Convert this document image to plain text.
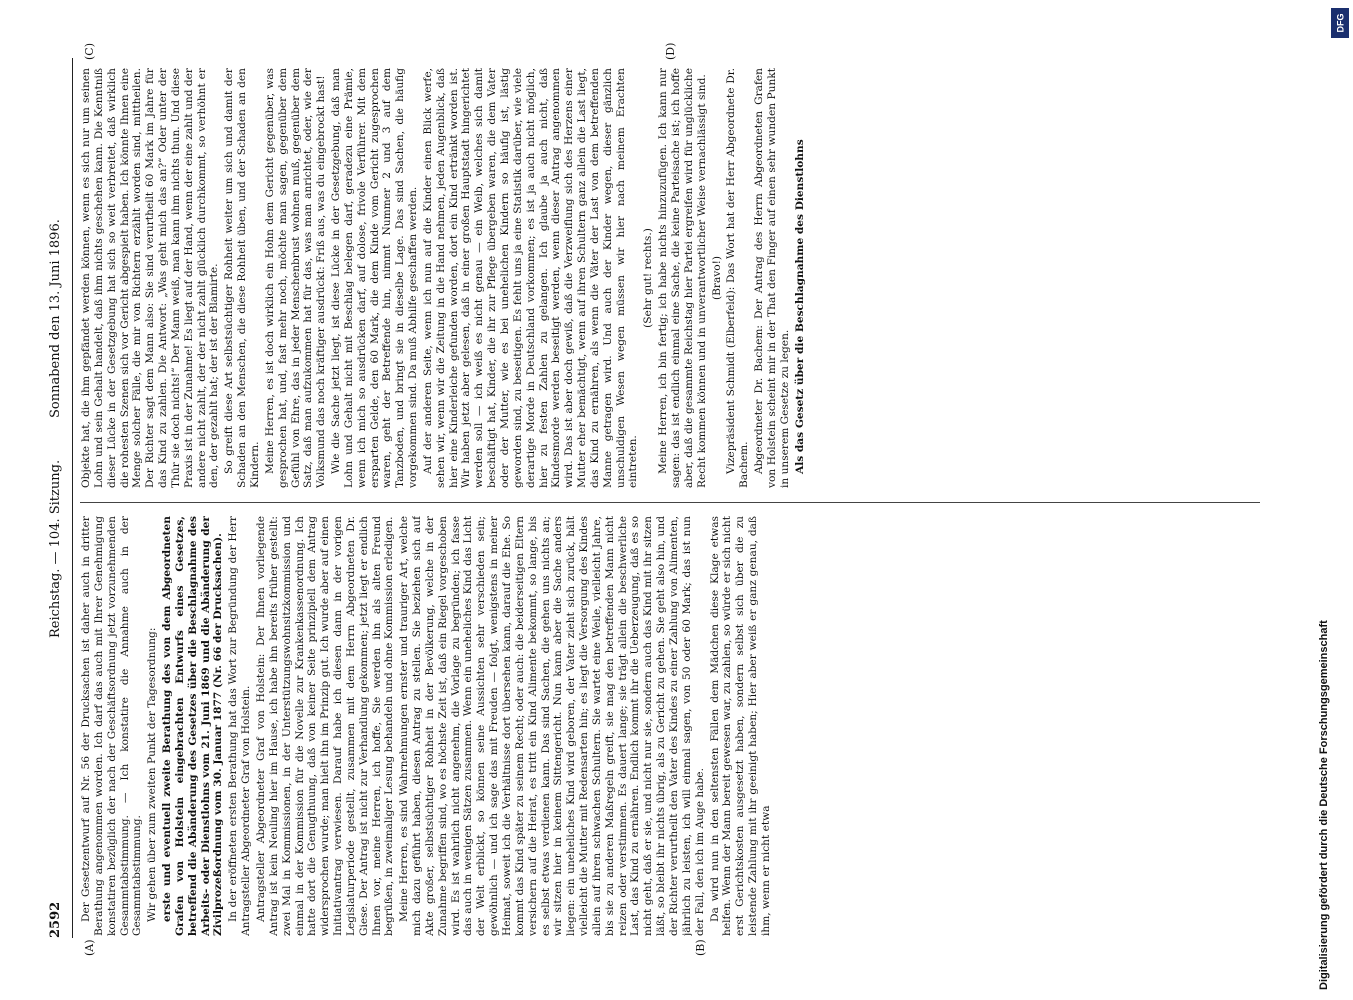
2592
Reichstag. — 104. Sitzung.
Sonnabend den 13. Juni 1896.
(A)	(B)
(C)	(D)

Der Gesetzentwurf auf Nr. 56 der Drucksachen ist daher auch in dritter Berathung angenommen worden. Ich darf das auch mit Ihrer Genehmigung konstatiren bezüglich der nach der Geschäftsordnung jetzt vorzunehmenden Gesammtabstimmung. — Ich konstatire die Annahme auch in der Gesammtabstimmung. Wir gehen über zum zweiten Punkt der Tagesordnung: erste und eventuell zweite Berathung des von dem Abgeordneten Grafen von Holstein eingebrachten Entwurfs eines Gesetzes, betreffend die Abänderung des Gesetzes über die Beschlagnahme des Arbeits- oder Dienstlohns vom 21. Juni 1869 und die Abänderung der Zivilprozeßordnung vom 30. Januar 1877 (Nr. 66 der Drucksachen). In der eröffneten ersten Berathung hat das Wort zur Begründung der Herr Antragsteller Abgeordneter Graf von Holstein. Antragsteller Abgeordneter Graf von Holstein: Der Ihnen vorliegende Antrag ist kein Neuling hier im Hause, ich habe ihn bereits früher gestellt: zwei Mal in Kommissionen, in der Unterstützungswohnsitzkommission und einmal in der Kommission für die Novelle zur Krankenkassenordnung. Ich hatte dort die Genugthuung, daß von keiner Seite prinzipiell dem Antrag widersprochen wurde; man hielt ihn im Prinzip gut. Ich wurde aber auf einen Initiativantrag verwiesen. Darauf habe ich diesen dann in der vorigen Legislaturperiode gestellt, zusammen mit dem Herrn Abgeordneten Dr. Giese. Der Antrag ist nicht zur Verhandlung gekommen; jetzt liegt er endlich Ihnen vor, meine Herren, ich hoffe, Sie werden ihn als alten Freund begrüßen, in zweimaliger Lesung behandeln und ohne Kommission erledigen. Meine Herren, es sind Wahrnehmungen ernster und trauriger Art, welche mich dazu geführt haben, diesen Antrag zu stellen. Sie beziehen sich auf Akte großer, selbstsüchtiger Rohheit in der Bevölkerung, welche in der Zunahme begriffen sind, wo es höchste Zeit ist, daß ein Riegel vorgeschoben wird. Es ist wahrlich nicht angenehm, die Vorlage zu begründen; ich fasse das auch in wenigen Sätzen zusammen. Wenn ein uneheliches Kind das Licht der Welt erblickt, so können seine Aussichten sehr verschieden sein; gewöhnlich — und ich sage das mit Freuden — folgt, wenigstens in meiner Heimat, soweit ich die Verhältnisse dort übersehen kann, darauf die Ehe. So kommt das Kind später zu seinem Recht; oder auch: die beiderseitigen Eltern versichern auf die Heirat, es tritt ein Kind Alimente bekommt, so lange, bis es selbst etwas verdienen kann. Das sind Sachen, die gehen uns nichts an; wir sitzen hier in keinem Sittengericht. Nun kann aber die Sache anders liegen: ein uneheliches Kind wird geboren, der Vater zieht sich zurück, hält vielleicht die Mutter mit Redensarten hin; es liegt die Versorgung des Kindes allein auf ihren schwachen Schultern. Sie wartet eine Weile, vielleicht Jahre, bis sie zu anderen Maßregeln greift, sie mag den betreffenden Mann nicht reizen oder verstimmen. Es dauert lange; sie trägt allein die beschwerliche Last, das Kind zu ernähren. Endlich kommt ihr die Ueberzeugung, daß es so nicht geht, daß er sie, und nicht nur sie, sondern auch das Kind mit ihr sitzen läßt, so bleibt ihr nichts übrig, als zu Gericht zu gehen. Sie geht also hin, und der Richter verurtheilt den Vater des Kindes zu einer Zahlung von Alimenten, jährlich zu leisten, ich will einmal sagen, von 50 oder 60 Mark; das ist nun der Fall, den ich im Auge habe. Da wird nun in den seltensten Fällen dem Mädchen diese Klage etwas helfen. Wenn der Mann bereit gewesen war, zu zahlen, so würde er sich nicht erst Gerichtskosten ausgesetzt haben, sondern selbst sich über die zu leistende Zahlung mit ihr geeinigt haben; Hier aber weiß er ganz genau, daß ihm, wenn er nicht etwa

Objekte hat, die ihm gepfändet werden können, wenn es sich nur um seinen Lohn und sein Gehalt handelt, daß ihm nichts geschehen kann. Die Kenntniß dieser Lücke in der Gesetzgebung hat sich so weit verbreitet, daß wirklich die rohesten Szenen sich vor Gericht abgespielt haben. Ich könnte Ihnen eine Menge solcher Fälle, die mir von Richtern erzählt worden sind, mittheilen. Der Richter sagt dem Mann also: Sie sind verurtheilt 60 Mark im Jahre für das Kind zu zahlen. Die Antwort: „Was geht mich das an?“ Oder unter der Thür sie doch nichts!“ Der Mann weiß, man kann ihm nichts thun. Und diese Praxis ist in der Zunahme! Es liegt auf der Hand, wenn der eine zahlt und der andere nicht zahlt, der der nicht zahlt glücklich durchkommt, so verhöhnt er den, der gezahlt hat; der ist der Blamirte. So greift diese Art selbstsüchtiger Rohheit weiter um sich und damit der Schaden an den Menschen, die diese Rohheit üben, und der Schaden an den Kindern. Meine Herren, es ist doch wirklich ein Hohn dem Gericht gegenüber, was gesprochen hat, und, fast mehr noch, möchte man sagen, gegenüber dem Gefühl von Ehre, das in jeder Menschenbrust wohnen muß, gegenüber dem Satz, daß man aufzukommen hat für das, was man anrichtet, oder, wie der Volksmund das noch kräftiger ausdrückt: Friß aus, was du eingebrockt hast! Wie die Sache jetzt liegt, ist diese Lücke in der Gesetzgebung, daß man Lohn und Gehalt nicht mit Beschlag belegen darf, geradezu eine Prämie, wenn ich mich so ausdrücken darf, auf dolose, frivole Verführer. Mit dem ersparten Gelde, den 60 Mark, die dem Kinde vom Gericht zugesprochen waren, geht der Betreffende hin, nimmt Nummer 2 und 3 auf dem Tanzboden, und bringt sie in dieselbe Lage. Das sind Sachen, die häufig vorgekommen sind. Da muß Abhilfe geschaffen werden. Auf der anderen Seite, wenn ich nun auf die Kinder einen Blick werfe, sehen wir, wenn wir die Zeitung in die Hand nehmen, jeden Augenblick, daß hier eine Kinderleiche gefunden worden, dort ein Kind ertränkt worden ist. Wir haben jetzt aber gelesen, daß in einer großen Hauptstadt hingerichtet werden soll — ich weiß es nicht genau — ein Weib, welches sich damit beschäftigt hat, Kinder, die ihr zur Pflege übergeben waren, die dem Vater oder der Mutter, wie es bei unehelichen Kindern so häufig ist, lästig geworden sind, zu beseitigen. Es fehlt uns ja eine Statistik darüber, wie viele derartige Morde in Deutschland vorkommen; es ist ja auch nicht möglich, hier zu festen Zahlen zu gelangen. Ich glaube ja auch nicht, daß Kindesmorde werden beseitigt werden, wenn dieser Antrag angenommen wird. Das ist aber doch gewiß, daß die Verzweiflung sich des Herzens einer Mutter eher bemächtigt, wenn auf ihren Schultern ganz allein die Last liegt, das Kind zu ernähren, als wenn die Väter der Last von dem betreffenden Manne getragen wird. Und auch der Kinder wegen, dieser gänzlich unschuldigen Wesen wegen müssen wir hier nach meinem Erachten eintreten.

(Sehr gut! rechts.) Meine Herren, ich bin fertig; ich habe nichts hinzuzufügen. Ich kann nur sagen: das ist endlich einmal eine Sache, die keine Parteisache ist; ich hoffe aber, daß die gesammte Reichstag hier Partei ergreifen wird für unglückliche Recht kommen können und in unverantwortlicher Weise vernachlässigt sind. (Bravo!) Vizepräsident Schmidt (Elberfeld): Das Wort hat der Herr Abgeordnete Dr. Bachem. Abgeordneter Dr. Bachem: Der Antrag des Herrn Abgeordneten Grafen von Holstein scheint mir in der That den Finger auf einen sehr wunden Punkt in unserem Gesetze zu legen. Als das Gesetz über die Beschlagnahme des Dienstlohns

Digitalisierung gefördert durch die Deutsche Forschungsgemeinschaft
DFG
